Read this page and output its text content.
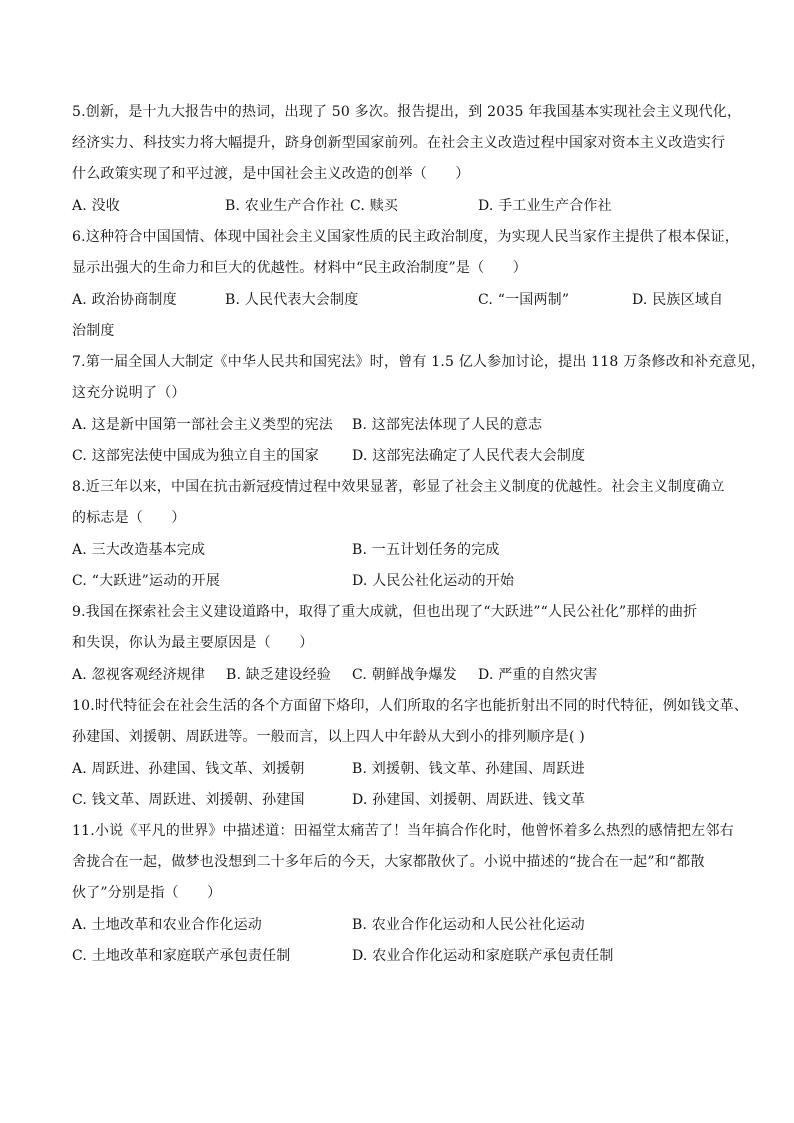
5.创新，是十九大报告中的热词，出现了 50 多次。报告提出，到 2035 年我国基本实现社会主义现代化，
经济实力、科技实力将大幅提升，跻身创新型国家前列。在社会主义改造过程中国家对资本主义改造实行
什么政策实现了和平过渡，是中国社会主义改造的创举（　　）
A. 没收	B. 农业生产合作社 C. 赎买	D. 手工业生产合作社
6.这种符合中国国情、体现中国社会主义国家性质的民主政治制度，为实现人民当家作主提供了根本保证，
显示出强大的生命力和巨大的优越性。材料中“民主政治制度”是（　　）
A. 政治协商制度	B. 人民代表大会制度	C. “一国两制”	D. 民族区域自
治制度
7.第一届全国人大制定《中华人民共和国宪法》时，曾有 1.5 亿人参加讨论，提出 118 万条修改和补充意见，
这充分说明了（）
A. 这是新中国第一部社会主义类型的宪法 B. 这部宪法体现了人民的意志
C. 这部宪法使中国成为独立自主的国家 D. 这部宪法确定了人民代表大会制度
8.近三年以来，中国在抗击新冠疫情过程中效果显著，彰显了社会主义制度的优越性。社会主义制度确立
的标志是（　　）
A. 三大改造基本完成	B. 一五计划任务的完成
C. “大跃进”运动的开展	D. 人民公社化运动的开始
9.我国在探索社会主义建设道路中，取得了重大成就，但也出现了“大跃进”“人民公社化”那样的曲折
和失误，你认为最主要原因是（　　）
A. 忽视客观经济规律 B. 缺乏建设经验 C. 朝鲜战争爆发 D. 严重的自然灾害
10.时代特征会在社会生活的各个方面留下烙印，人们所取的名字也能折射出不同的时代特征，例如钱文革、
孙建国、刘援朝、周跃进等。一般而言，以上四人中年龄从大到小的排列顺序是( )
A. 周跃进、孙建国、钱文革、刘援朝	B. 刘援朝、钱文革、孙建国、周跃进
C. 钱文革、周跃进、刘援朝、孙建国	D. 孙建国、刘援朝、周跃进、钱文革
11.小说《平凡的世界》中描述道：田福堂太痛苦了！当年搞合作化时，他曾怀着多么热烈的感情把左邻右
舍拢合在一起，做梦也没想到二十多年后的今天，大家都散伙了。小说中描述的“拢合在一起”和“都散
伙了”分别是指（　　）
A. 土地改革和农业合作化运动	B. 农业合作化运动和人民公社化运动
C. 土地改革和家庭联产承包责任制	D. 农业合作化运动和家庭联产承包责任制
